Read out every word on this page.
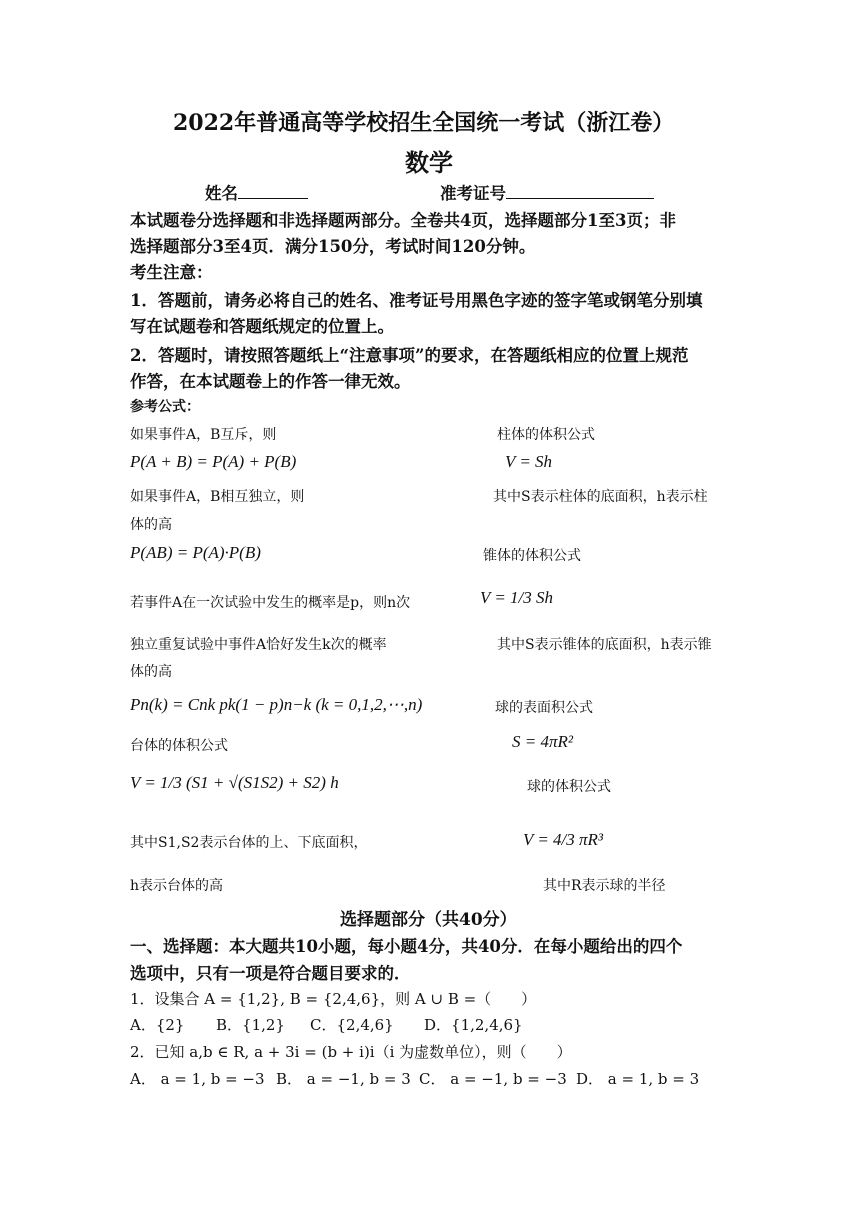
2022年普通高等学校招生全国统一考试（浙江卷）
数学
姓名	准考证号
本试题卷分选择题和非选择题两部分。全卷共4页，选择题部分1至3页；非
选择题部分3至4页．满分150分，考试时间120分钟。
考生注意：
1．答题前，请务必将自己的姓名、准考证号用黑色字迹的签字笔或钢笔分别填
写在试题卷和答题纸规定的位置上。
2．答题时，请按照答题纸上“注意事项”的要求，在答题纸相应的位置上规范
作答，在本试题卷上的作答一律无效。
参考公式：
如果事件A，B互斥，则
P(A + B) = P(A) + P(B)
如果事件A，B相互独立，则
P(AB) = P(A)·P(B)
若事件A在一次试验中发生的概率是p，则n次
独立重复试验中事件A恰好发生k次的概率
Pn(k) = Cnk pk(1 − p)n−k (k = 0,1,2,⋯,n)
台体的体积公式
V = 1/3 (S1 + √(S1S2) + S2) h
其中S1,S2表示台体的上、下底面积，
h表示台体的高
柱体的体积公式
V = Sh
其中S表示柱体的底面积，h表示柱
体的高
锥体的体积公式
V = 1/3 Sh
其中S表示锥体的底面积，h表示锥
体的高
球的表面积公式
S = 4πR²
球的体积公式
V = 4/3 πR³
其中R表示球的半径
选择题部分（共40分）
一、选择题：本大题共10小题，每小题4分，共40分．在每小题给出的四个
选项中，只有一项是符合题目要求的．
1．设集合 A = {1,2}, B = {2,4,6}，则 A ∪ B =（　　）
A．{2} B．{1,2} C．{2,4,6} D．{1,2,4,6}
2．已知 a,b ∈ R, a + 3i = (b + i)i（i 为虚数单位），则（　　）
A． a = 1, b = −3 B． a = −1, b = 3 C． a = −1, b = −3 D． a = 1, b = 3
